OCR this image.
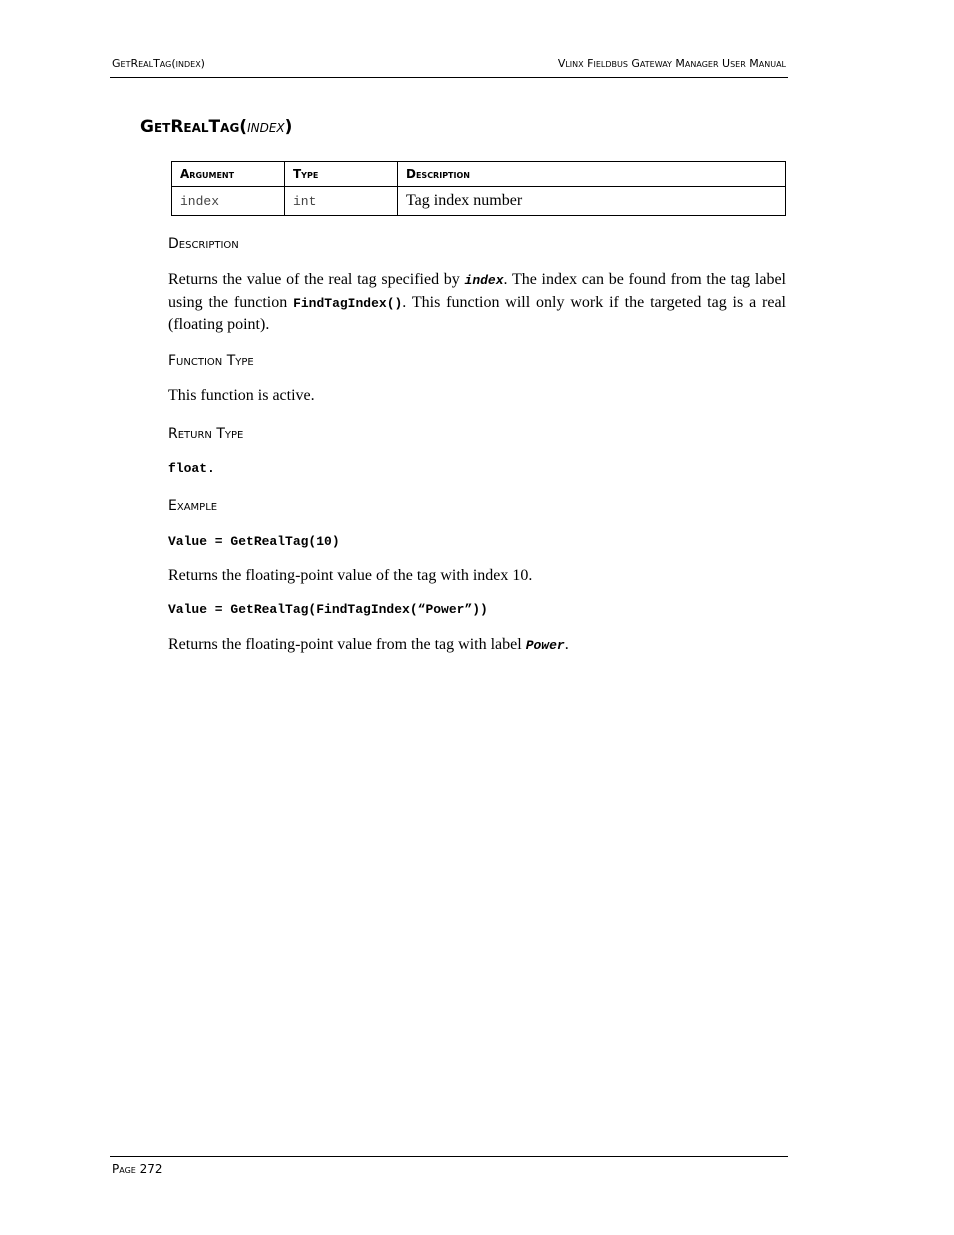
GetRealTag(index)	Vlinx Fieldbus Gateway Manager User Manual
GetRealTag(index)
Argument	Type	Description
index	int	Tag index number
Description
Returns the value of the real tag specified by index. The index can be found from the tag label using the function FindTagIndex(). This function will only work if the targeted tag is a real (floating point).
Function Type
This function is active.
Return Type
float.
Example
Value = GetRealTag(10)
Returns the floating-point value of the tag with index 10.
Value = GetRealTag(FindTagIndex(“Power”))
Returns the floating-point value from the tag with label Power.
Page 272
